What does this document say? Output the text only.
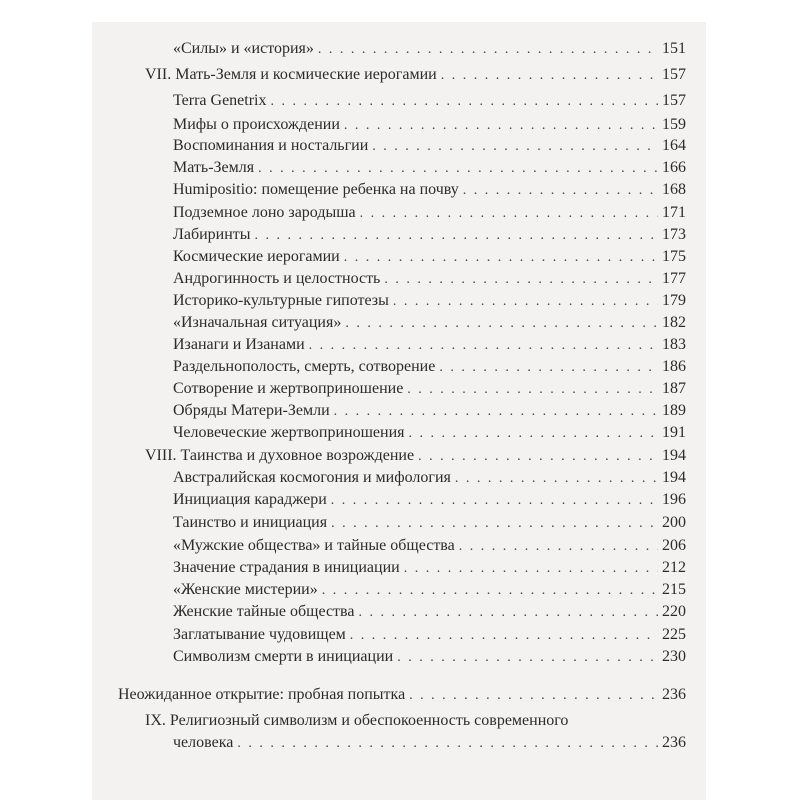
«Силы» и «история» . . .	151
VII. Мать-Земля и космические иерогамии . . .	157
Terra Genetrix . . .	157
Мифы о происхождении . . .	159
Воспоминания и ностальгии . . .	164
Мать-Земля . . .	166
Humipositio: помещение ребенка на почву . . .	168
Подземное лоно зародыша . . .	171
Лабиринты . . .	173
Космические иерогамии . . .	175
Андрогинность и целостность . . .	177
Историко-культурные гипотезы . . .	179
«Изначальная ситуация» . . .	182
Изанаги и Изанами . . .	183
Раздельнополость, смерть, сотворение . . .	186
Сотворение и жертвоприношение . . .	187
Обряды Матери-Земли . . .	189
Человеческие жертвоприношения . . .	191
VIII. Таинства и духовное возрождение . . .	194
Австралийская космогония и мифология . . .	194
Инициация караджери . . .	196
Таинство и инициация . . .	200
«Мужские общества» и тайные общества . . .	206
Значение страдания в инициации . . .	212
«Женские мистерии» . . .	215
Женские тайные общества . . .	220
Заглатывание чудовищем . . .	225
Символизм смерти в инициации . . .	230
Неожиданное открытие: пробная попытка . . .	236
IX. Религиозный символизм и обеспокоенность современного
человека . . .	236
